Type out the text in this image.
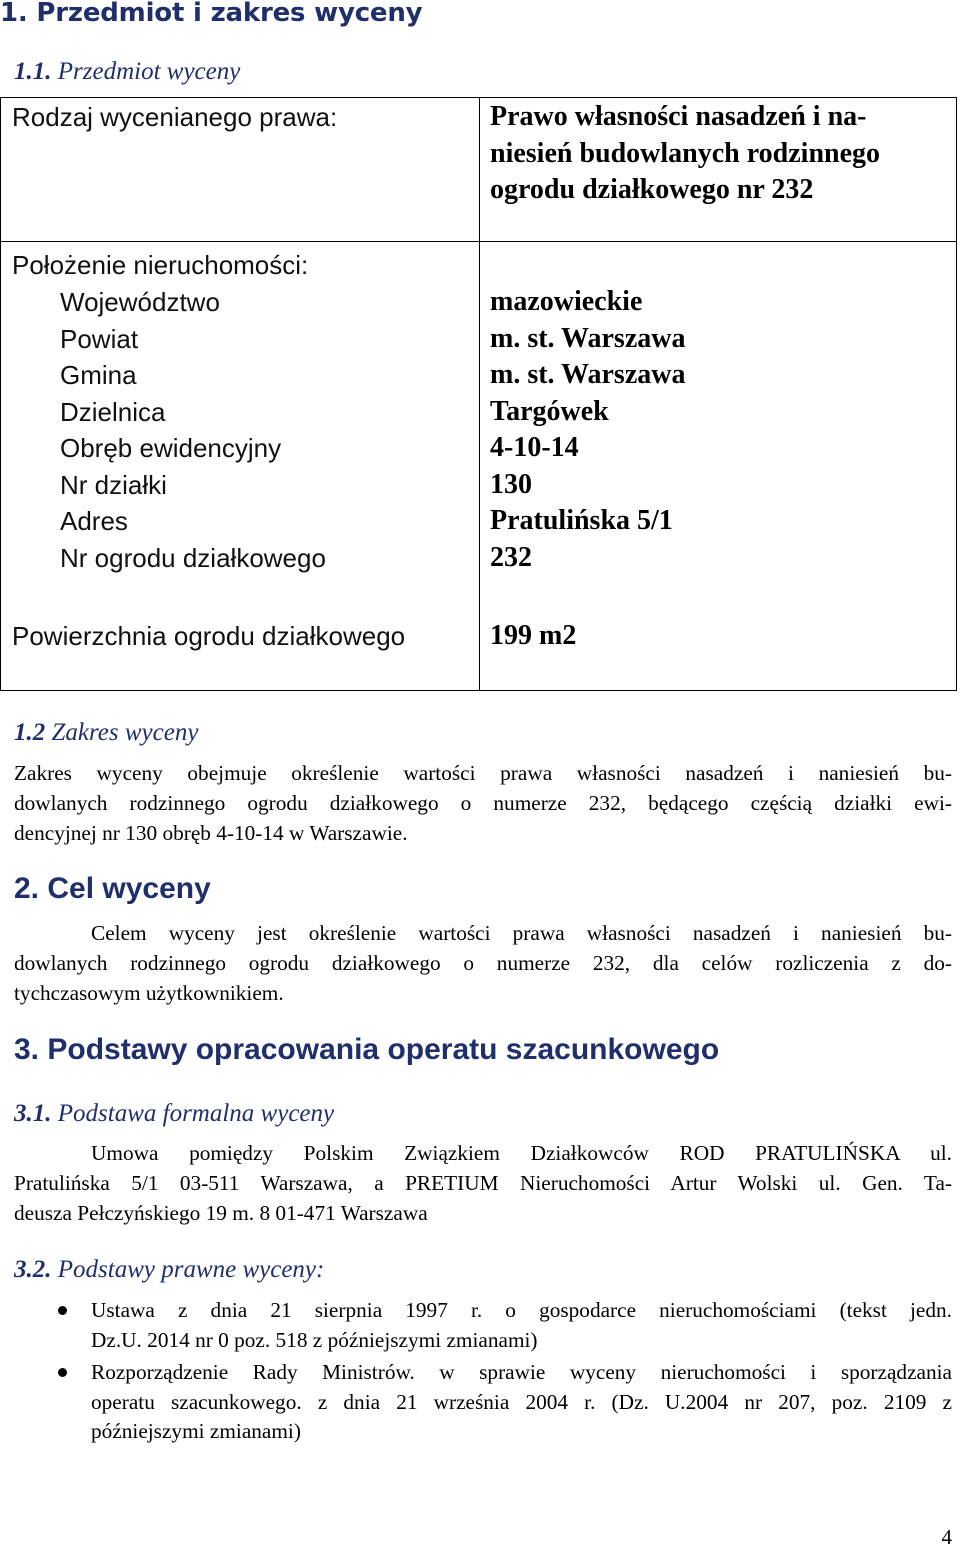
1. Przedmiot i zakres wyceny
1.1. Przedmiot wyceny
Rodzaj wycenianego prawa:	Prawo własności nasadzeń i na-
niesień budowlanych rodzinnego
ogrodu działkowego nr 232
Położenie nieruchomości:
Województwo
Powiat
Gmina
Dzielnica
Obręb ewidencyjny
Nr działki
Adres
Nr ogrodu działkowego
mazowieckie
m. st. Warszawa
m. st. Warszawa
Targówek
4-10-14
130
Pratulińska 5/1
232
Powierzchnia ogrodu działkowego	199 m2
1.2 Zakres wyceny
Zakres wyceny obejmuje określenie wartości prawa własności nasadzeń i naniesień bu-
dowlanych rodzinnego ogrodu działkowego o numerze 232, będącego częścią działki ewi-
dencyjnej nr 130 obręb 4-10-14 w Warszawie.
2. Cel wyceny
Celem wyceny jest określenie wartości prawa własności nasadzeń i naniesień bu-
dowlanych rodzinnego ogrodu działkowego o numerze 232, dla celów rozliczenia z do-
tychczasowym użytkownikiem.
3. Podstawy opracowania operatu szacunkowego
3.1. Podstawa formalna wyceny
Umowa pomiędzy Polskim Związkiem Działkowców ROD PRATULIŃSKA ul.
Pratulińska 5/1 03-511 Warszawa, a PRETIUM Nieruchomości Artur Wolski ul. Gen. Ta-
deusza Pełczyńskiego 19 m. 8 01-471 Warszawa
3.2. Podstawy prawne wyceny:
Ustawa z dnia 21 sierpnia 1997 r. o gospodarce nieruchomościami (tekst jedn.
Dz.U. 2014 nr 0 poz. 518 z późniejszymi zmianami)
Rozporządzenie Rady Ministrów. w sprawie wyceny nieruchomości i sporządzania
operatu szacunkowego. z dnia 21 września 2004 r. (Dz. U.2004 nr 207, poz. 2109 z
późniejszymi zmianami)
4
